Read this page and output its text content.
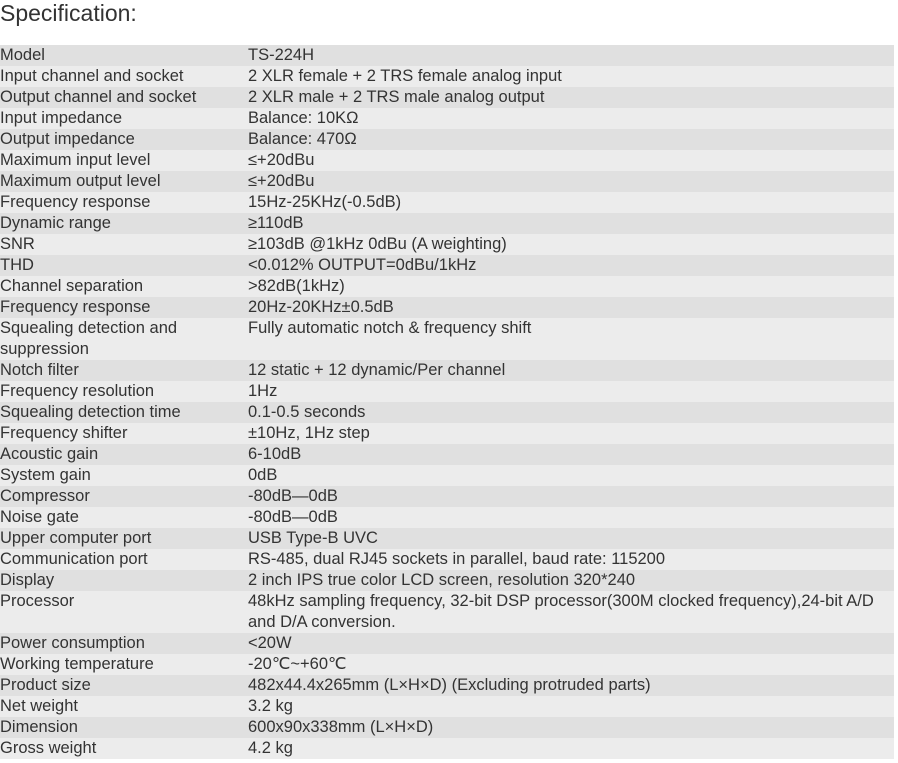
Specification:
Model	TS-224H
Input channel and socket	2 XLR female + 2 TRS female analog input
Output channel and socket	2 XLR male + 2 TRS male analog output
Input impedance	Balance: 10KΩ
Output impedance	Balance: 470Ω
Maximum input level	≤+20dBu
Maximum output level	≤+20dBu
Frequency response	15Hz-25KHz(-0.5dB)
Dynamic range	≥110dB
SNR	≥103dB @1kHz 0dBu (A weighting)
THD	<0.012% OUTPUT=0dBu/1kHz
Channel separation	>82dB(1kHz)
Frequency response	20Hz-20KHz±0.5dB
Squealing detection and suppression	Fully automatic notch & frequency shift
Notch filter	12 static + 12 dynamic/Per channel
Frequency resolution	1Hz
Squealing detection time	0.1-0.5 seconds
Frequency shifter	±10Hz, 1Hz step
Acoustic gain	6-10dB
System gain	0dB
Compressor	-80dB—0dB
Noise gate	-80dB—0dB
Upper computer port	USB Type-B UVC
Communication port	RS-485, dual RJ45 sockets in parallel, baud rate: 115200
Display	2 inch IPS true color LCD screen, resolution 320*240
Processor	48kHz sampling frequency, 32-bit DSP processor(300M clocked frequency),24-bit A/D and D/A conversion.
Power consumption	<20W
Working temperature	-20℃~+60℃
Product size	482x44.4x265mm (L×H×D) (Excluding protruded parts)
Net weight	3.2 kg
Dimension	600x90x338mm (L×H×D)
Gross weight	4.2 kg
